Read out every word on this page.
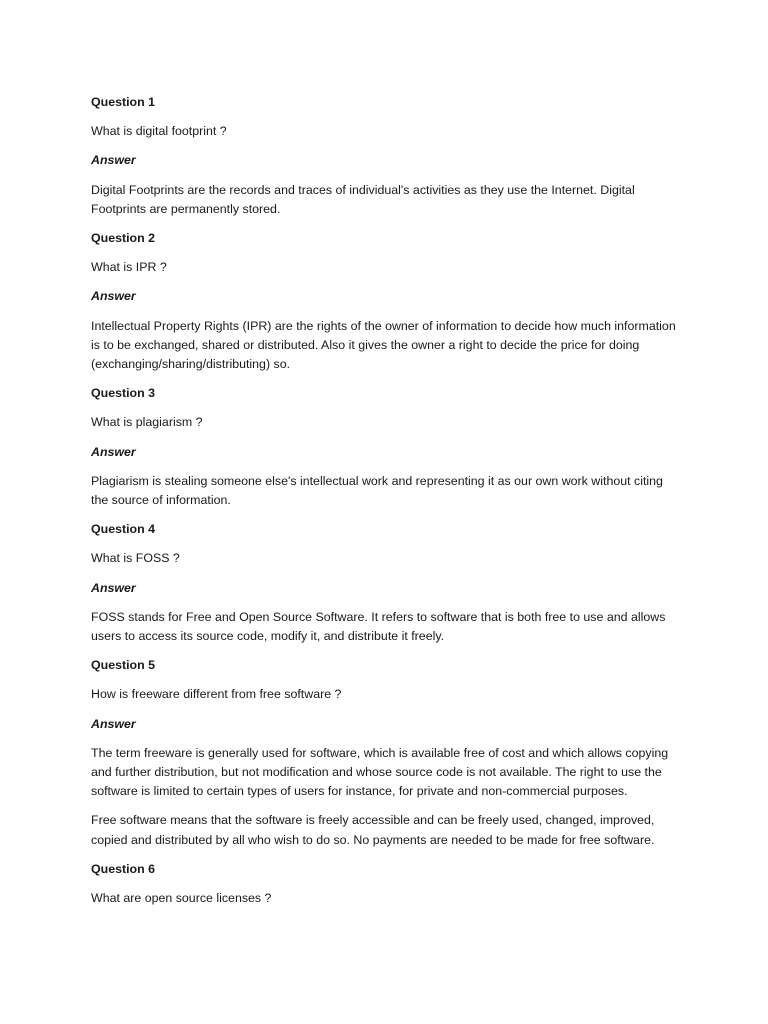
Question 1

What is digital footprint ?

Answer

Digital Footprints are the records and traces of individual's activities as they use the Internet. Digital Footprints are permanently stored.

Question 2

What is IPR ?

Answer

Intellectual Property Rights (IPR) are the rights of the owner of information to decide how much information is to be exchanged, shared or distributed. Also it gives the owner a right to decide the price for doing (exchanging/sharing/distributing) so.

Question 3

What is plagiarism ?

Answer

Plagiarism is stealing someone else's intellectual work and representing it as our own work without citing the source of information.

Question 4

What is FOSS ?

Answer

FOSS stands for Free and Open Source Software. It refers to software that is both free to use and allows users to access its source code, modify it, and distribute it freely.

Question 5

How is freeware different from free software ?

Answer

The term freeware is generally used for software, which is available free of cost and which allows copying and further distribution, but not modification and whose source code is not available. The right to use the software is limited to certain types of users for instance, for private and non-commercial purposes.

Free software means that the software is freely accessible and can be freely used, changed, improved, copied and distributed by all who wish to do so. No payments are needed to be made for free software.

Question 6

What are open source licenses ?
